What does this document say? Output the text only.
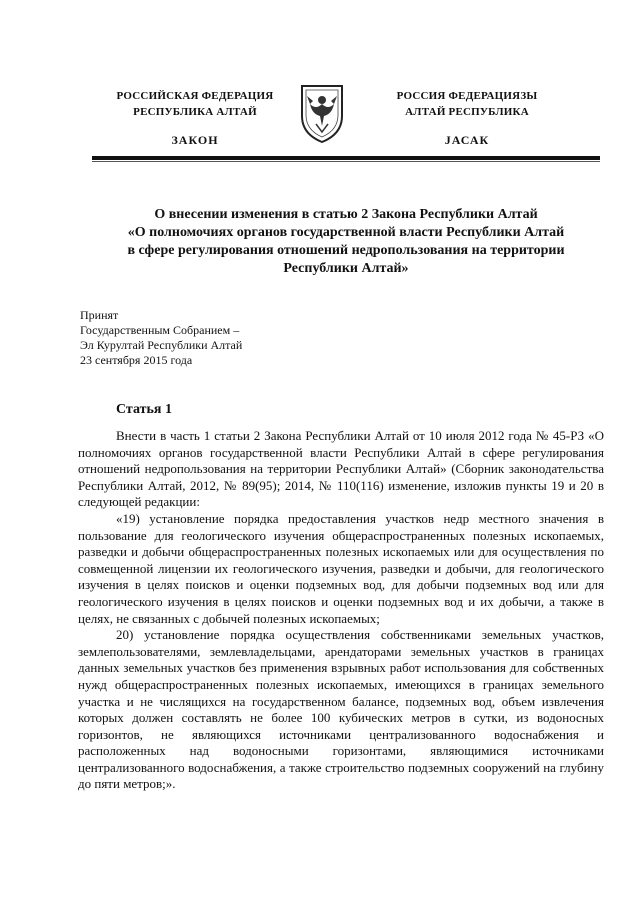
РОССИЙСКАЯ ФЕДЕРАЦИЯ
РЕСПУБЛИКА АЛТАЙ
ЗАКОН
РОССИЯ ФЕДЕРАЦИЯЗЫ
АЛТАЙ РЕСПУБЛИКА
JАСАК
О внесении изменения в статью 2 Закона Республики Алтай
«О полномочиях органов государственной власти Республики Алтай
в сфере регулирования отношений недропользования на территории
Республики Алтай»
Принят
Государственным Собранием –
Эл Курултай Республики Алтай
23 сентября 2015 года
Статья 1

Внести в часть 1 статьи 2 Закона Республики Алтай от 10 июля 2012 года № 45-РЗ «О полномочиях органов государственной власти Республики Алтай в сфере регулирования отношений недропользования на территории Республики Алтай» (Сборник законодательства Республики Алтай, 2012, № 89(95); 2014, № 110(116) изменение, изложив пункты 19 и 20 в следующей редакции:

«19) установление порядка предоставления участков недр местного значения в пользование для геологического изучения общераспространенных полезных ископаемых, разведки и добычи общераспространенных полезных ископаемых или для осуществления по совмещенной лицензии их геологического изучения, разведки и добычи, для геологического изучения в целях поисков и оценки подземных вод, для добычи подземных вод или для геологического изучения в целях поисков и оценки подземных вод и их добычи, а также в целях, не связанных с добычей полезных ископаемых;

20) установление порядка осуществления собственниками земельных участков, землепользователями, землевладельцами, арендаторами земельных участков в границах данных земельных участков без применения взрывных работ использования для собственных нужд общераспространенных полезных ископаемых, имеющихся в границах земельного участка и не числящихся на государственном балансе, подземных вод, объем извлечения которых должен составлять не более 100 кубических метров в сутки, из водоносных горизонтов, не являющихся источниками централизованного водоснабжения и расположенных над водоносными горизонтами, являющимися источниками централизованного водоснабжения, а также строительство подземных сооружений на глубину до пяти метров;».
